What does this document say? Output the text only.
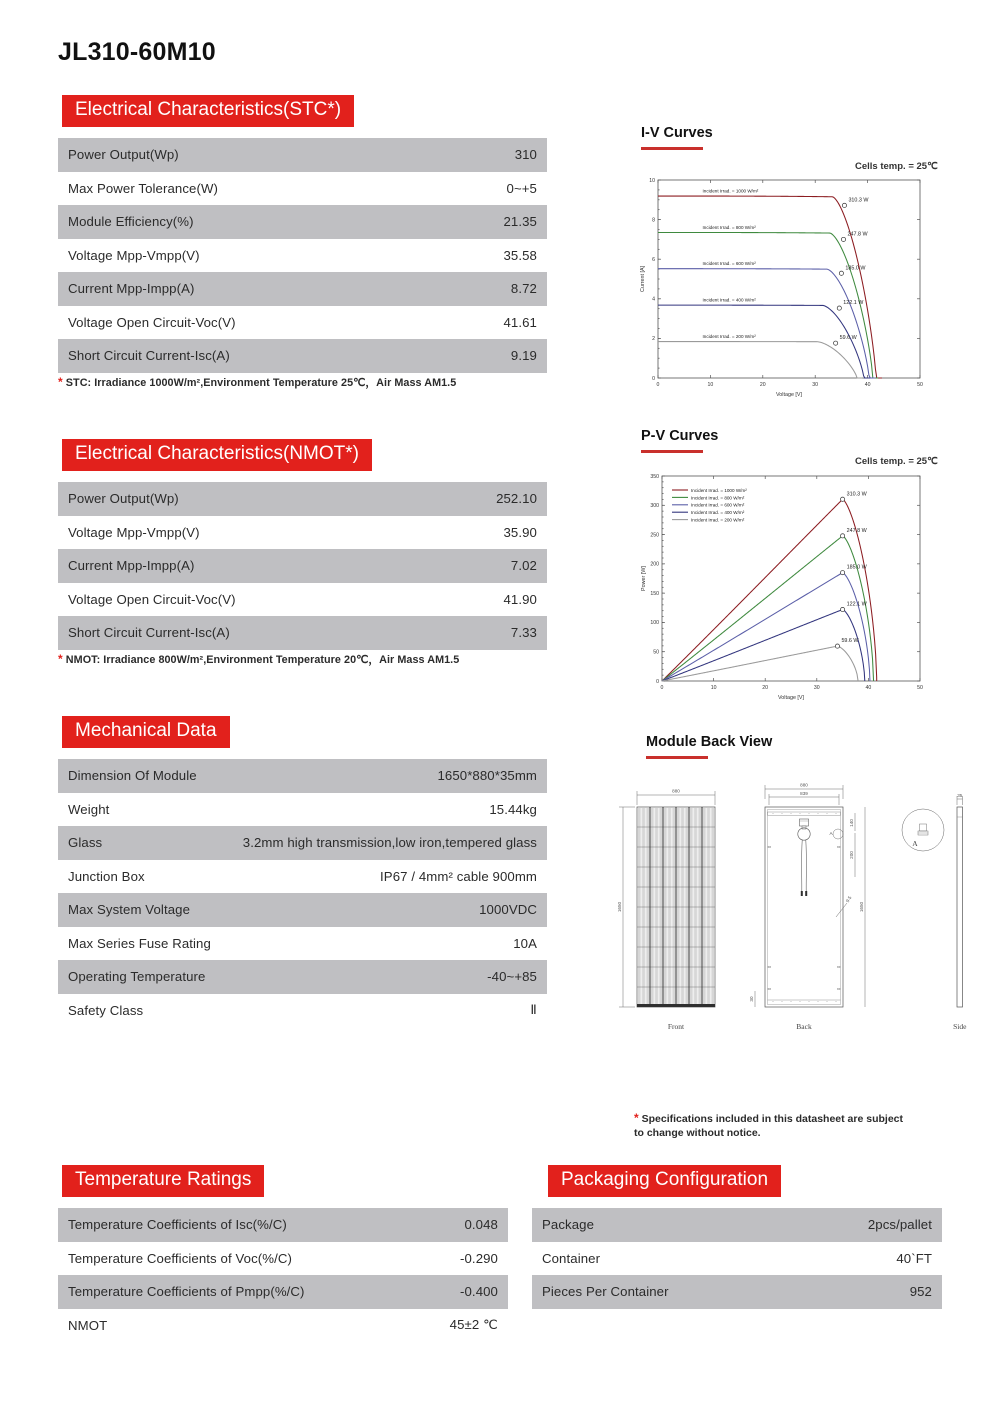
JL310-60M10
Electrical Characteristics(STC*)
Power Output(Wp)	310
Max Power Tolerance(W)	0~+5
Module Efficiency(%)	21.35
Voltage Mpp-Vmpp(V)	35.58
Current Mpp-Impp(A)	8.72
Voltage Open Circuit-Voc(V)	41.61
Short Circuit Current-Isc(A)	9.19
* STC: Irradiance 1000W/m²,Environment Temperature 25℃，Air Mass AM1.5
Electrical Characteristics(NMOT*)
Power Output(Wp)	252.10
Voltage Mpp-Vmpp(V)	35.90
Current Mpp-Impp(A)	7.02
Voltage Open Circuit-Voc(V)	41.90
Short Circuit Current-Isc(A)	7.33
* NMOT: Irradiance 800W/m²,Environment Temperature 20℃，Air Mass AM1.5
Mechanical Data
Dimension Of Module	1650*880*35mm
Weight	15.44kg
Glass	3.2mm high transmission,low iron,tempered glass
Junction Box	IP67 / 4mm² cable 900mm
Max System Voltage	1000VDC
Max Series Fuse Rating	10A
Operating Temperature	-40~+85
Safety Class	Ⅱ
Temperature Ratings
Temperature Coefficients of Isc(%/C)	0.048
Temperature Coefficients of Voc(%/C)	-0.290
Temperature Coefficients of Pmpp(%/C)	-0.400
NMOT	45±2 ℃
Packaging Configuration
Package	2pcs/pallet
Container	40`FT
Pieces Per Container	952
I-V Curves
Cells temp. = 25℃
0	10	20	30	40	50
0
2
4
6
8
10
Voltage [V]
Current [A]
310.3 W
Incident Irrad. = 1000 W/m²
247.8 W
Incident Irrad. = 800 W/m²
185.0 W
Incident Irrad. = 600 W/m²
122.1 W
Incident Irrad. = 400 W/m²
59.6 W
Incident Irrad. = 200 W/m²
P-V Curves
Cells temp. = 25℃
0	10	20	30	40	50
0
50
100
150
200
250
300
350
Voltage [V]
Power [W]
310.3 W
Incident Irrad. = 1000 W/m²
247.8 W
Incident Irrad. = 800 W/m²
185.0 W
Incident Irrad. = 600 W/m²
122.1 W
Incident Irrad. = 400 W/m²
59.6 W
Incident Irrad. = 200 W/m²
Module Back View
880
1650
Front
A
880
839
140
200
1650
30
9.5
Back
A
35
Side
* Specifications included in this datasheet are subject to change without notice.
